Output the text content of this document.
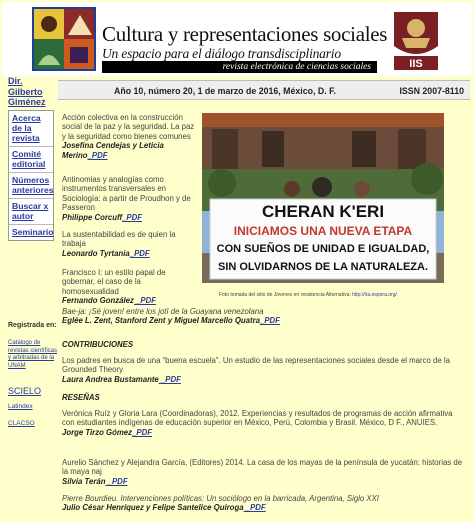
Cultura y representaciones sociales
Un espacio para el diálogo transdisciplinario
revista electrónica de ciencias sociales	IIS
Dir. Gilberto Giménez
Acerca de la revista
Comité editorial
Números anteriores
Buscar x autor
Seminario
Registrada en:
Catálogo de revistas científicas y arbitradas de la UNAM
SCIELO
Latindex
CLACSO
Año 10, número 20, 1 de marzo de 2016, México, D. F.	ISSN 2007-8110
Acción colectiva en la construcción social de la paz y la seguridad. La paz y la seguridad como bienes comunes
Josefina Cendejas y Leticia Merino_PDF
Antinomias y analogías como instrumentos transversales en Sociología: a partir de Proudhon y de Passeron
Philippe Corcuff_PDF
La sustentabilidad es de quien la trabaja
Leonardo Tyrtania_PDF
Francisco I: un estilo papal de gobernar, el caso de la homosexualidad
Fernando González _PDF
CHERAN K'ERI
INICIAMOS UNA NUEVA ETAPA
CON SUEÑOS DE UNIDAD E IGUALDAD,
SIN OLVIDARNOS DE LA NATURALEZA.
Foto tomada del sitio de Jóvenes en resistencia Alternativa: http://ira.espora.org/
Bae-ja: ¡Sé joven! entre los jotï de la Guayana venezolana
Eglée L. Zent, Stanford Zent y Miguel Marcello Quatra_PDF
CONTRIBUCIONES
Los padres en busca de una “buena escuela”. Un estudio de las representaciones sociales desde el marco de la Grounded Theory
Laura Andrea Bustamante _PDF
RESEÑAS
Verónica Ruíz y Gloria Lara (Coordinadoras), 2012. Experiencias y resultados de programas de acción afirmativa con estudiantes indígenas de educación superior en México, Perú, Colombia y Brasil. México, D F., ANUIES.
Jorge Tirzo Gómez_PDF
Aurelio Sánchez y Alejandra García, (Editores) 2014. La casa de los mayas de la península de yucatán: historias de la maya naj
Silvia Terán _PDF
Pierre Bourdieu. Intervenciones políticas: Un sociólogo en la barricada, Argentina, Siglo XXI
Julio César Henríquez y Felipe Santelice Quiroga _PDF
